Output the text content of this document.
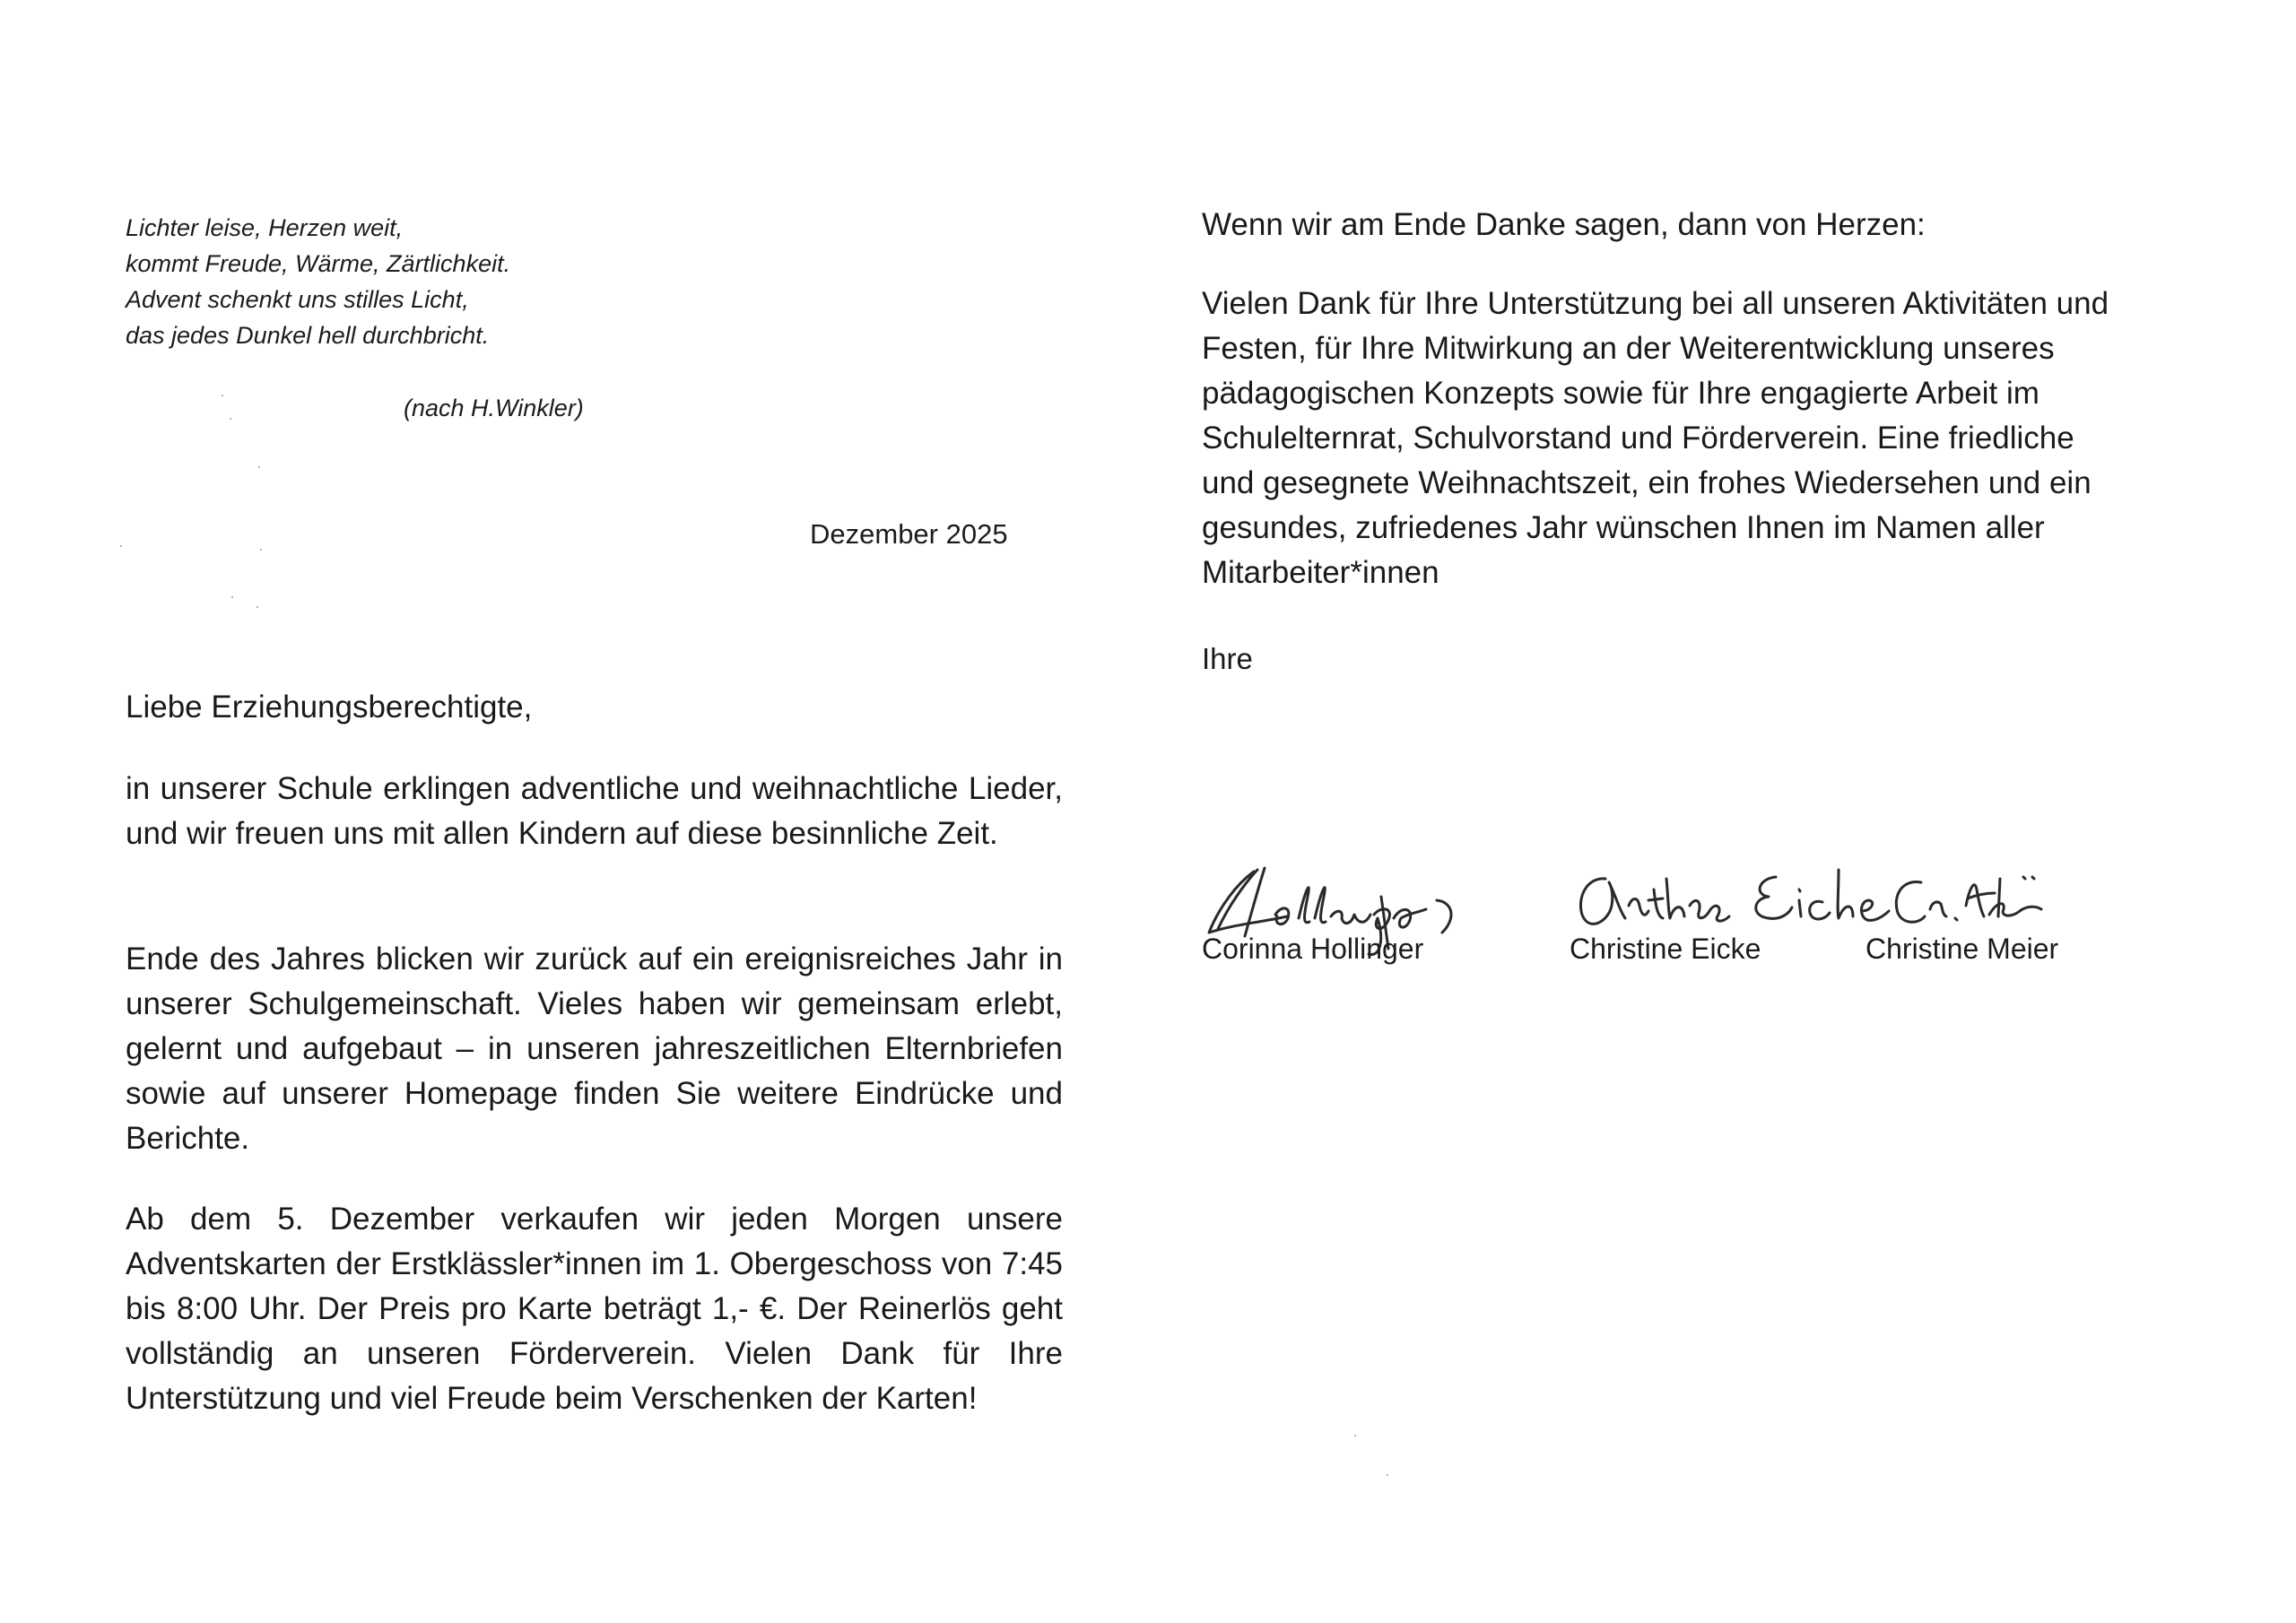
Lichter leise, Herzen weit,
kommt Freude, Wärme, Zärtlichkeit.
Advent schenkt uns stilles Licht,
das jedes Dunkel hell durchbricht.
(nach H.Winkler)
Dezember 2025
Liebe Erziehungsberechtigte,
in unserer Schule erklingen adventliche und weihnachtliche Lieder, und wir freuen uns mit allen Kindern auf diese besinnliche Zeit.
Ende des Jahres blicken wir zurück auf ein ereignisreiches Jahr in unserer Schulgemeinschaft. Vieles haben wir gemeinsam erlebt, gelernt und aufgebaut – in unseren jahreszeitlichen Elternbriefen sowie auf unserer Homepage finden Sie weitere Eindrücke und Berichte.
Ab dem 5. Dezember verkaufen wir jeden Morgen unsere Adventskarten der Erstklässler*innen im 1. Obergeschoss von 7:45 bis 8:00 Uhr. Der Preis pro Karte beträgt 1,- €. Der Reinerlös geht vollständig an unseren Förderverein. Vielen Dank für Ihre Unterstützung und viel Freude beim Verschenken der Karten!
Wenn wir am Ende Danke sagen, dann von Herzen:
Vielen Dank für Ihre Unterstützung bei all unseren Aktivitäten und Festen, für Ihre Mitwirkung an der Weiterentwicklung unseres pädagogischen Konzepts sowie für Ihre engagierte Arbeit im Schulelternrat, Schulvorstand und Förderverein. Eine friedliche und gesegnete Weihnachtszeit, ein frohes Wiedersehen und ein gesundes, zufriedenes Jahr wünschen Ihnen im Namen aller Mitarbeiter*innen
Ihre
Corinna Hollinger	Christine Eicke	Christine Meier
